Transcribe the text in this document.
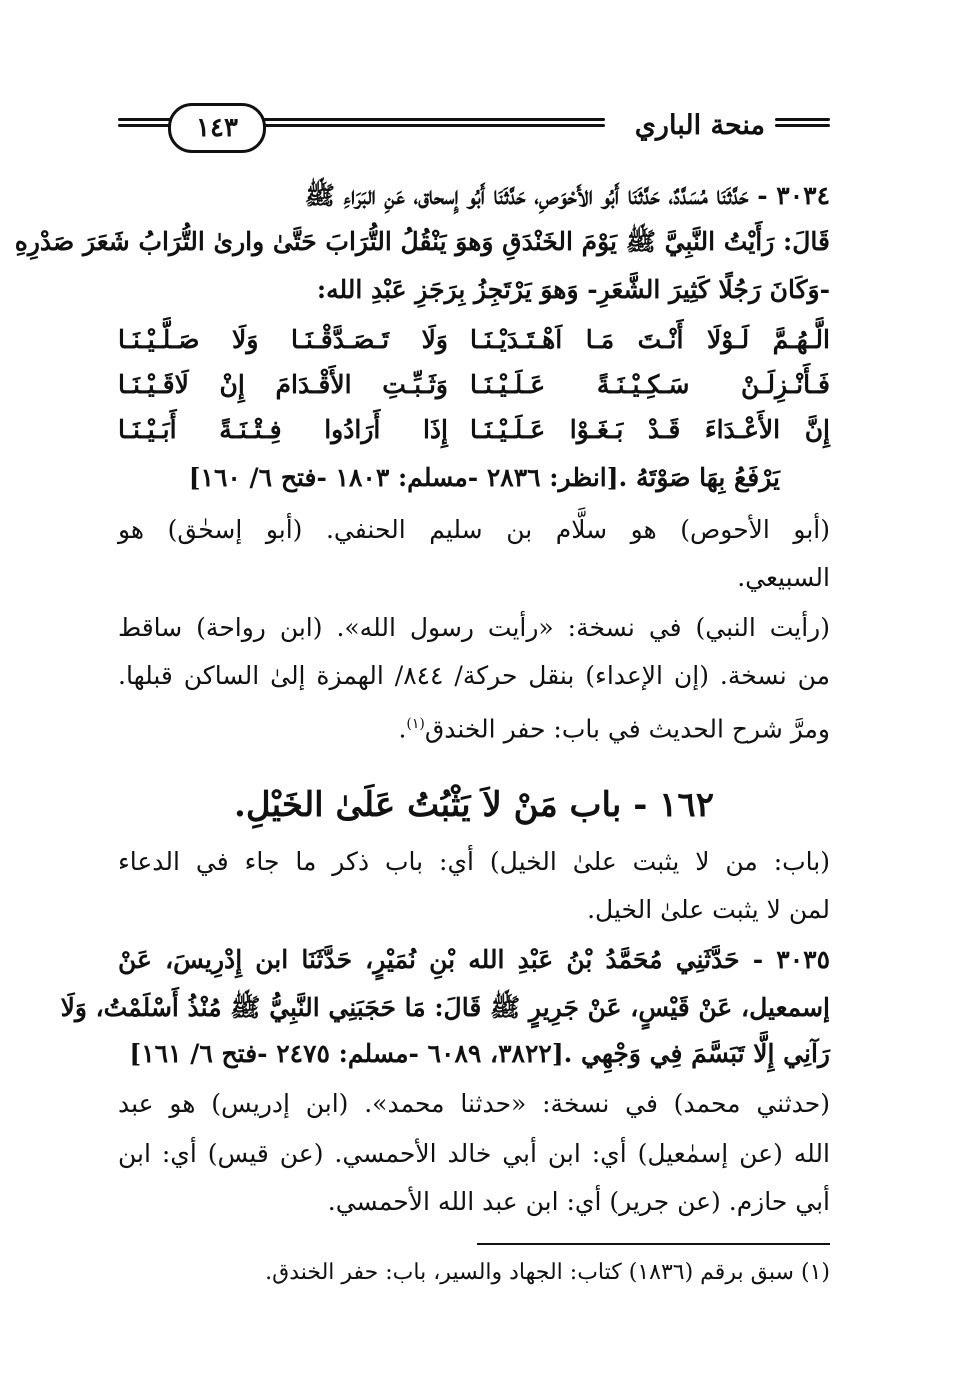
١٤٣	منحة الباري
٣٠٣٤ - حَدَّثَنَا مُسَدَّدٌ، حَدَّثَنَا أَبُو الأَحْوَصِ، حَدَّثَنَا أَبُو إِسحاق، عَنِ البَرَاءِ ﷺ
قَالَ: رَأَيْتُ النَّبِيَّ ﷺ يَوْمَ الخَنْدَقِ وَهوَ يَنْقُلُ التُّرَابَ حَتَّىٰ وارىٰ التُّرَابُ شَعَرَ صَدْرِهِ
-وَكَانَ رَجُلًا كَثِيرَ الشَّعَرِ- وَهوَ يَرْتَجِزُ بِرَجَزِ عَبْدِ الله:
الَّـهُـمَّ لَـوْلَا أَنْـتَ مَـا اَهْـتَـدَيْـنَـا
وَلَا تَـصَـدَّقْـنَـا وَلَا صَـلَّـيْـنَـا
فَـأَنْـزِلَـنْ سَـكِـيْـنَـةً عَـلَـيْـنَـا
وَثَـبِّـتِ الأَقْـدَامَ إِنْ لَاقَـيْـنَـا
إِنَّ الأَعْـدَاءَ قَـدْ بَـغَـوْا عَـلَـيْـنَـا
إِذَا أَرَادُوا فِـتْـنَـةً أَبَـيْـنَـا
يَرْفَعُ بِهَا صَوْتَهُ .[انظر: ٢٨٣٦ -مسلم: ١٨٠٣ -فتح ٦/ ١٦٠]
(أبو الأحوص) هو سلَّام بن سليم الحنفي. (أبو إسحٰق) هو
السبيعي.
(رأيت النبي) في نسخة: «رأيت رسول الله». (ابن رواحة) ساقط
من نسخة. (إن الإعداء) بنقل حركة/ ٨٤٤/ الهمزة إلىٰ الساكن قبلها.
ومرَّ شرح الحديث في باب: حفر الخندق$^{(١)}$.
١٦٢ - باب مَنْ لاَ يَثْبُتُ عَلَىٰ الخَيْلِ.
(باب: من لا يثبت علىٰ الخيل) أي: باب ذكر ما جاء في الدعاء
لمن لا يثبت علىٰ الخيل.
٣٠٣٥ - حَدَّثَنِي مُحَمَّدُ بْنُ عَبْدِ الله بْنِ نُمَيْرٍ، حَدَّثَنَا ابن إِدْرِيسَ، عَنْ
إسمعيل، عَنْ قَيْسٍ، عَنْ جَرِيرٍ ﷺ قَالَ: مَا حَجَبَنِي النَّبِيُّ ﷺ مُنْذُ أَسْلَمْتُ، وَلَا
رَآنِي إِلَّا تَبَسَّمَ فِي وَجْهِي .[٣٨٢٢، ٦٠٨٩ -مسلم: ٢٤٧٥ -فتح ٦/ ١٦١]
(حدثني محمد) في نسخة: «حدثنا محمد». (ابن إدريس) هو عبد
الله (عن إسمٰعيل) أي: ابن أبي خالد الأحمسي. (عن قيس) أي: ابن
أبي حازم. (عن جرير) أي: ابن عبد الله الأحمسي.
(١) سبق برقم (١٨٣٦) كتاب: الجهاد والسير، باب: حفر الخندق.
